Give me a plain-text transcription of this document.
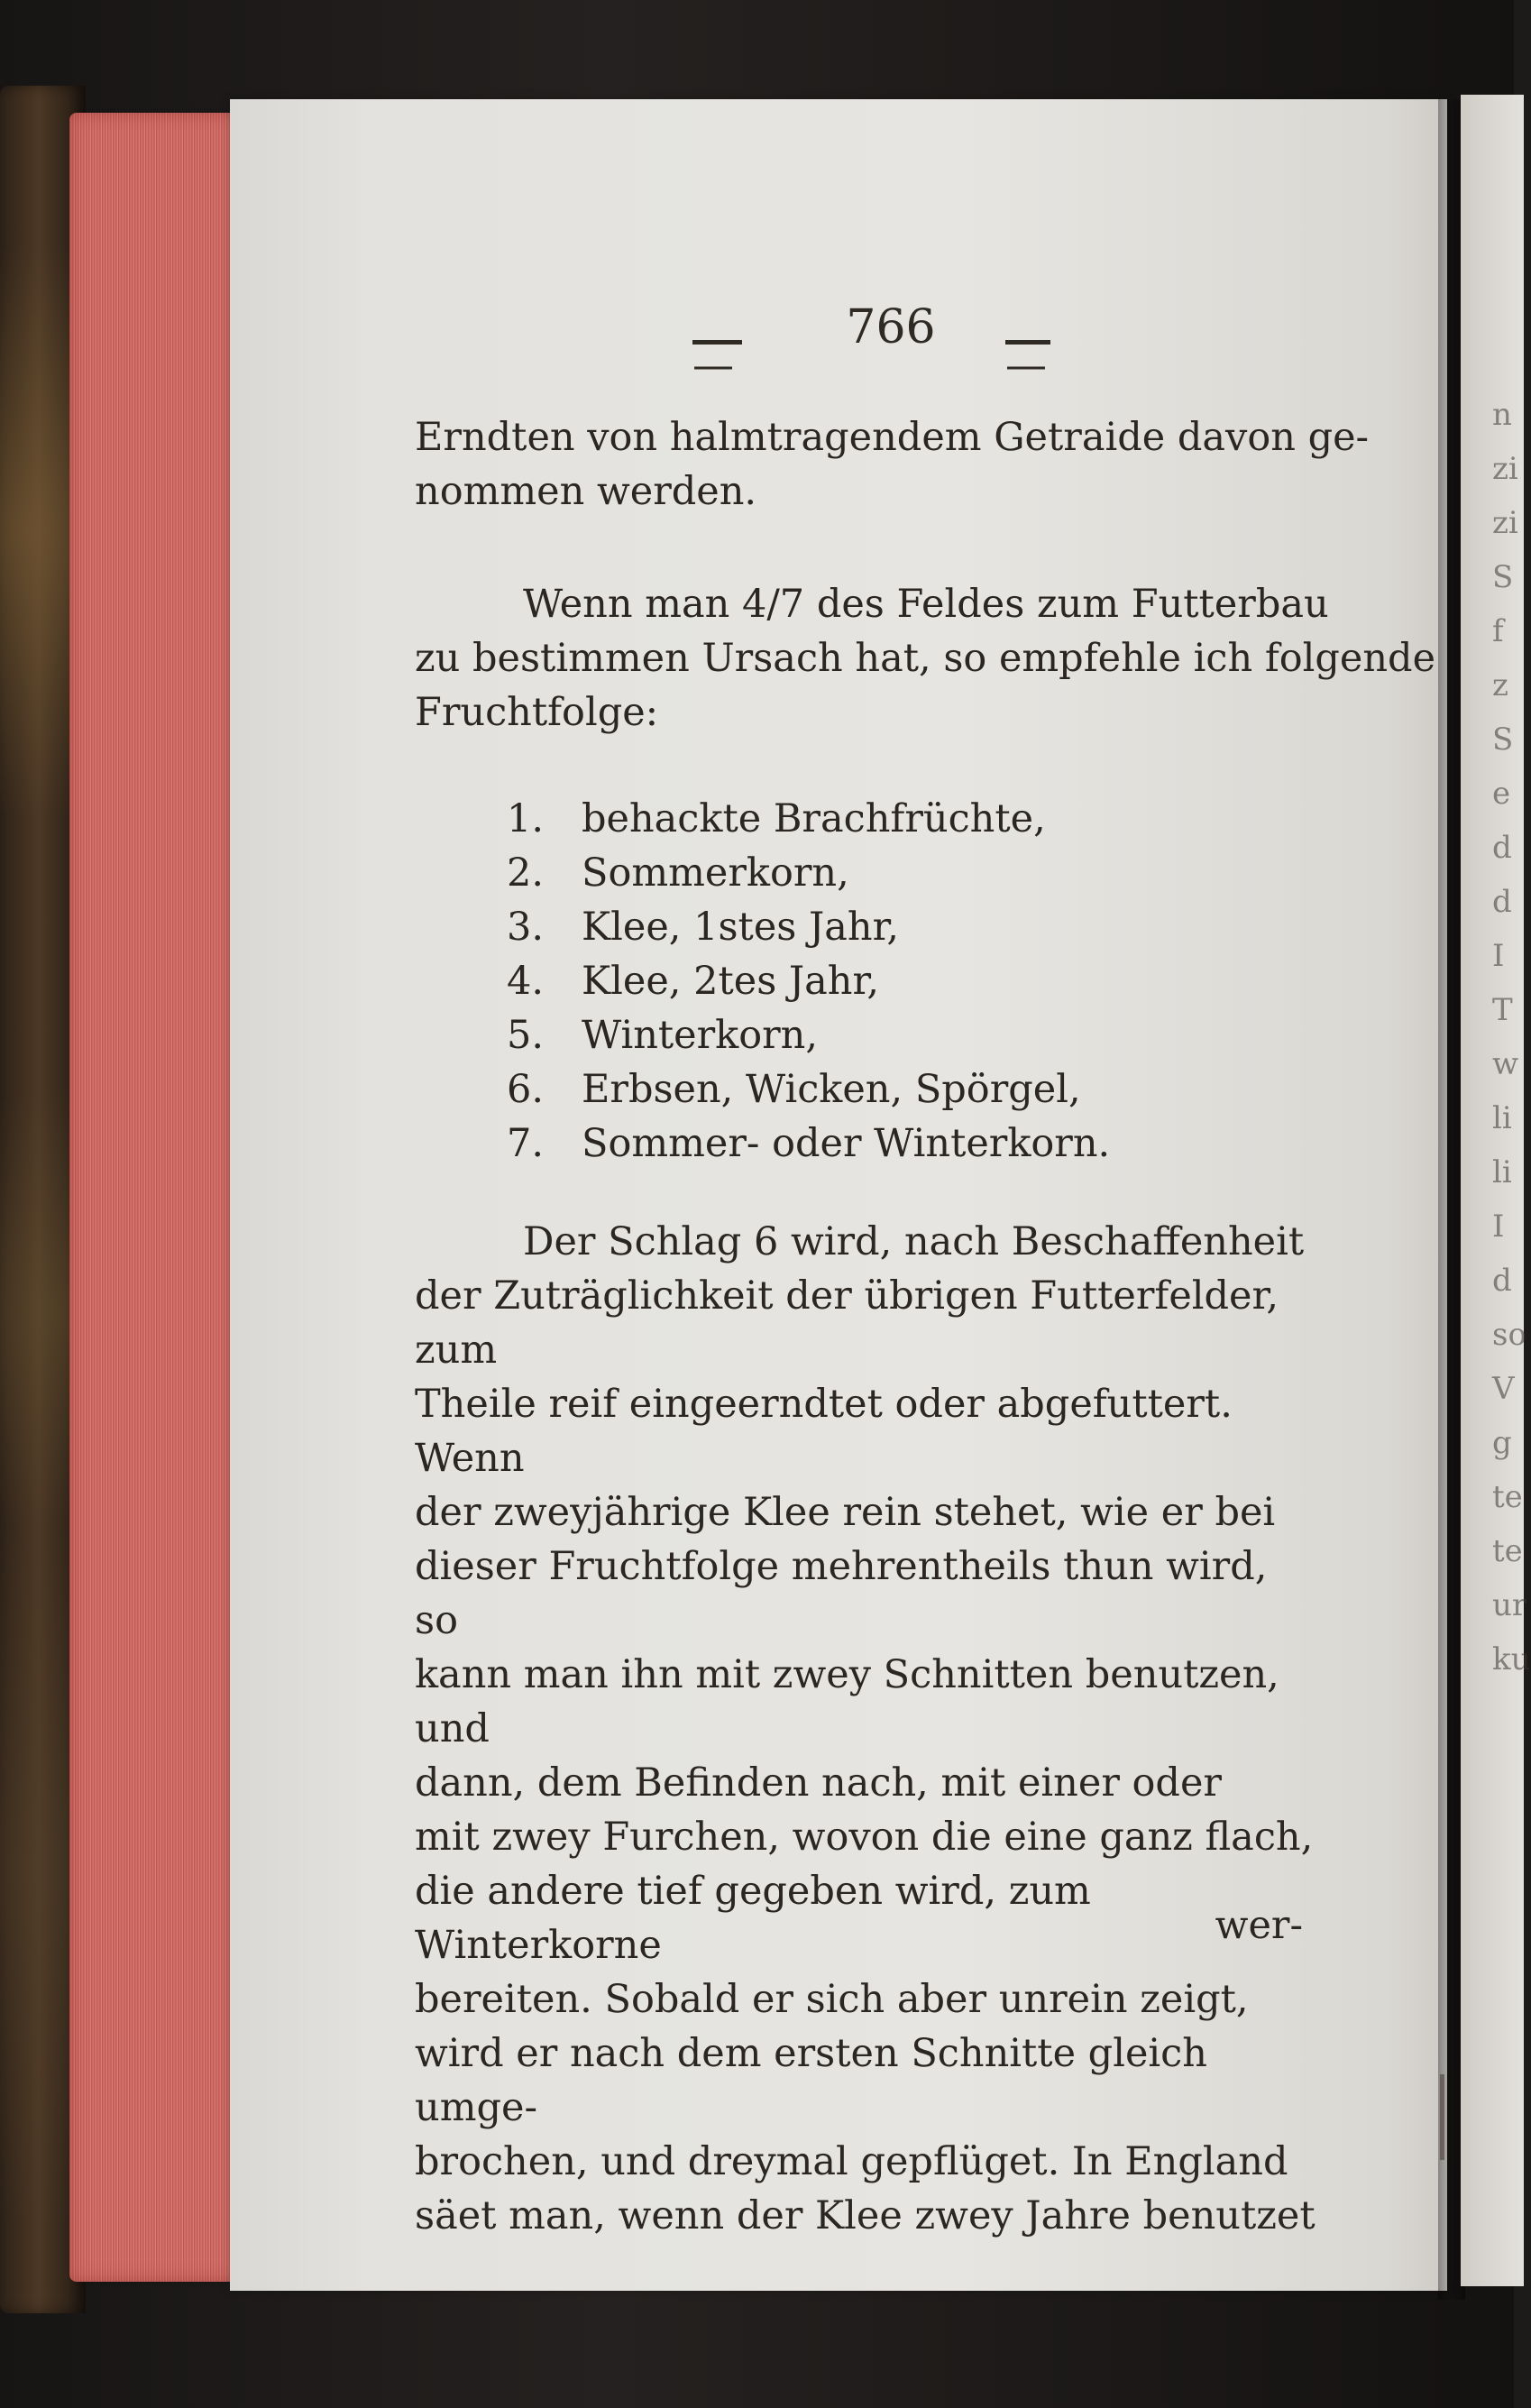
—
766
—
Erndten von halmtragendem Getraide davon ge-
nommen werden.
Wenn man 4/7 des Feldes zum Futterbau
zu bestimmen Ursach hat, so empfehle ich folgende
Fruchtfolge:
1. behackte Brachfrüchte,
2. Sommerkorn,
3. Klee, 1stes Jahr,
4. Klee, 2tes Jahr,
5. Winterkorn,
6. Erbsen, Wicken, Spörgel,
7. Sommer- oder Winterkorn.
Der Schlag 6 wird, nach Beschaffenheit
der Zuträglichkeit der übrigen Futterfelder, zum
Theile reif eingeerndtet oder abgefuttert. Wenn
der zweyjährige Klee rein stehet, wie er bei
dieser Fruchtfolge mehrentheils thun wird, so
kann man ihn mit zwey Schnitten benutzen, und
dann, dem Befinden nach, mit einer oder
mit zwey Furchen, wovon die eine ganz flach,
die andere tief gegeben wird, zum Winterkorne
bereiten. Sobald er sich aber unrein zeigt,
wird er nach dem ersten Schnitte gleich umge-
brochen, und dreymal gepflüget. In England
säet man, wenn der Klee zwey Jahre benutzet
wer-
n
zi
zi
S
f
z
S
e
d
d
I
T
w
li
li
I
d
so
V
g
te
te
ur
ku
